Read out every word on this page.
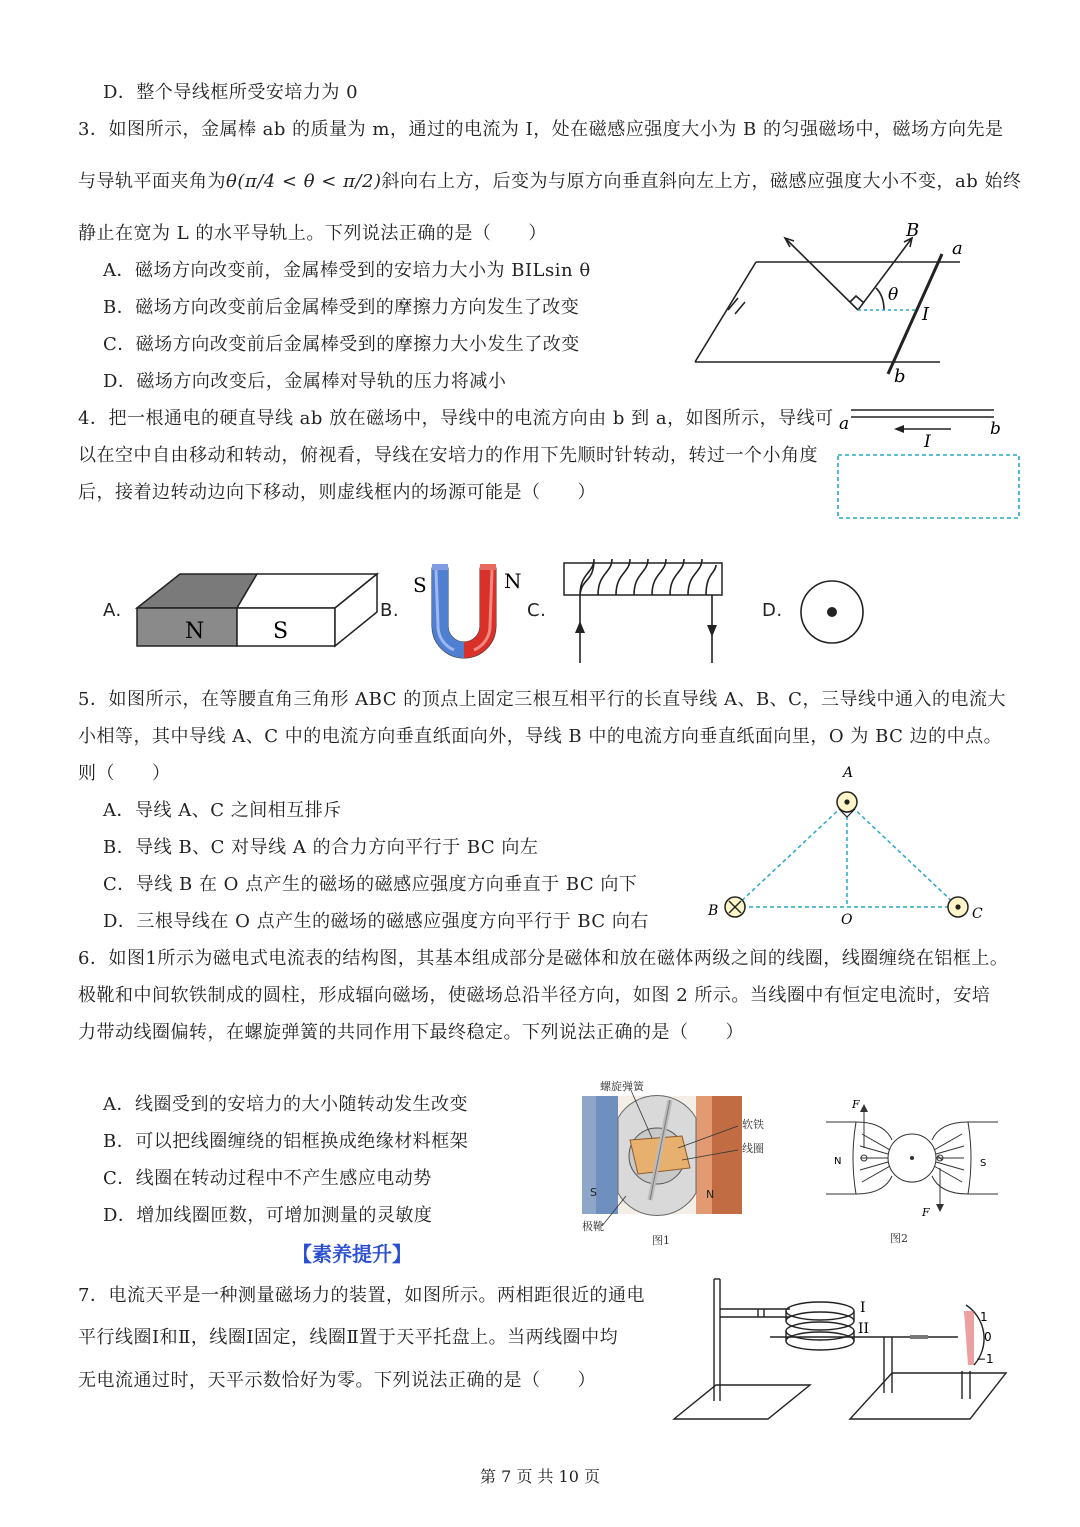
D．整个导线框所受安培力为 0
3．如图所示，金属棒 ab 的质量为 m，通过的电流为 I，处在磁感应强度大小为 B 的匀强磁场中，磁场方向先是
与导轨平面夹角为θ(π/4 < θ < π/2)斜向右上方，后变为与原方向垂直斜向左上方，磁感应强度大小不变，ab 始终
静止在宽为 L 的水平导轨上。下列说法正确的是（　　）
A．磁场方向改变前，金属棒受到的安培力大小为 BILsin θ
B．磁场方向改变前后金属棒受到的摩擦力方向发生了改变
C．磁场方向改变前后金属棒受到的摩擦力大小发生了改变
D．磁场方向改变后，金属棒对导轨的压力将减小
B
a
b
I
θ
4．把一根通电的硬直导线 ab 放在磁场中，导线中的电流方向由 b 到 a，如图所示，导线可
以在空中自由移动和转动，俯视看，导线在安培力的作用下先顺时针转动，转过一个小角度
后，接着边转动边向下移动，则虚线框内的场源可能是（　　）
a	b
I
A.
N	S
B.
S	N
C.	D.
5．如图所示，在等腰直角三角形 ABC 的顶点上固定三根互相平行的长直导线 A、B、C，三导线中通入的电流大
小相等，其中导线 A、C 中的电流方向垂直纸面向外，导线 B 中的电流方向垂直纸面向里，O 为 BC 边的中点。
则（　　）
A．导线 A、C 之间相互排斥
B．导线 B、C 对导线 A 的合力方向平行于 BC 向左
C．导线 B 在 O 点产生的磁场的磁感应强度方向垂直于 BC 向下
D．三根导线在 O 点产生的磁场的磁感应强度方向平行于 BC 向右
A
B	C
O
6．如图1所示为磁电式电流表的结构图，其基本组成部分是磁体和放在磁体两级之间的线圈，线圈缠绕在铝框上。
极靴和中间软铁制成的圆柱，形成辐向磁场，使磁场总沿半径方向，如图 2 所示。当线圈中有恒定电流时，安培
力带动线圈偏转，在螺旋弹簧的共同作用下最终稳定。下列说法正确的是（　　）
A．线圈受到的安培力的大小随转动发生改变
B．可以把线圈缠绕的铝框换成绝缘材料框架
C．线圈在转动过程中不产生感应电动势
D．增加线圈匝数，可增加测量的灵敏度
螺旋弹簧
软铁
线圈
极靴
S	N
图1
F
F
N	S
图2
【素养提升】
7．电流天平是一种测量磁场力的装置，如图所示。两相距很近的通电
平行线圈Ⅰ和Ⅱ，线圈Ⅰ固定，线圈Ⅱ置于天平托盘上。当两线圈中均
无电流通过时，天平示数恰好为零。下列说法正确的是（　　）
I
II
1
0
−1
第 7 页 共 10 页
